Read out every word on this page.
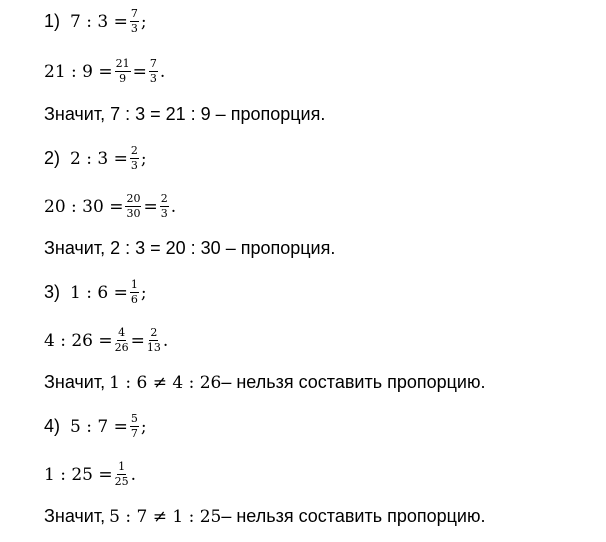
1) 7 : $3 = \frac{7}{3}$ ;
21 : $9 = \frac{21}{9} = \frac{7}{3}$ .
Значит, 7 : 3 = 21 : 9 – пропорция.
2) 2 : $3 = \frac{2}{3}$ ;
20 : $30 = \frac{20}{30} = \frac{2}{3}$ .
Значит, 2 : 3 = 20 : 30 – пропорция.
3) 1 : $6 = \frac{1}{6}$ ;
4 : $26 = \frac{4}{26} = \frac{2}{13}$ .
Значит, 1 : 6 ≠ 4 : 26 – нельзя составить пропорцию.
4) 5 : $7 = \frac{5}{7}$ ;
1 : $25 = \frac{1}{25}$ .
Значит, 5 : 7 ≠ 1 : 25 – нельзя составить пропорцию.
